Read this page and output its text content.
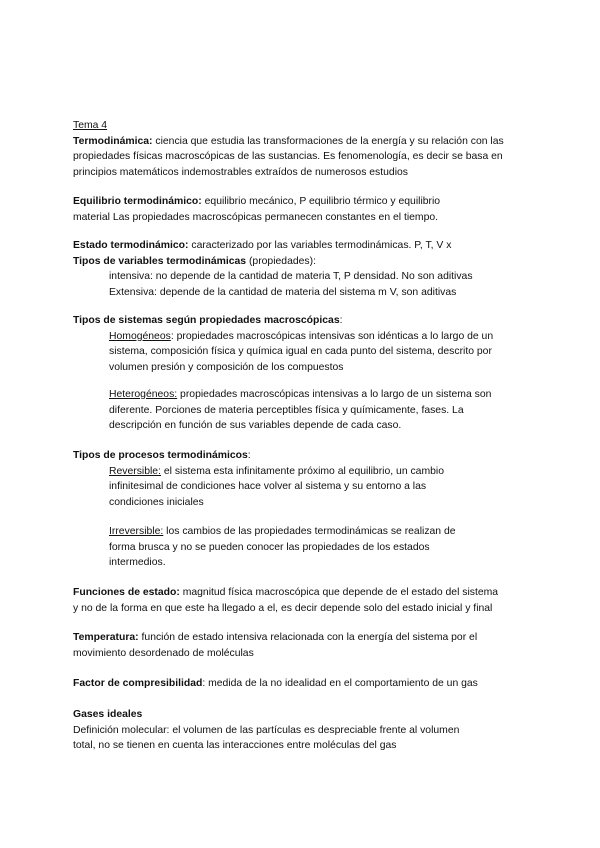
Tema 4

Termodinámica: ciencia que estudia las transformaciones de la energía y su relación con las

propiedades físicas macroscópicas de las sustancias. Es fenomenología, es decir se basa en

principios matemáticos indemostrables extraídos de numerosos estudios

Equilibrio termodinámico: equilibrio mecánico, P equilibrio térmico y equilibrio

material Las propiedades macroscópicas permanecen constantes en el tiempo.

Estado termodinámico: caracterizado por las variables termodinámicas. P, T, V x

Tipos de variables termodinámicas (propiedades):

intensiva: no depende de la cantidad de materia T, P densidad. No son aditivas

Extensiva: depende de la cantidad de materia del sistema m V, son aditivas

Tipos de sistemas según propiedades macroscópicas:

Homogéneos: propiedades macroscópicas intensivas son idénticas a lo largo de un

sistema, composición física y química igual en cada punto del sistema, descrito por

volumen presión y composición de los compuestos

Heterogéneos: propiedades macroscópicas intensivas a lo largo de un sistema son

diferente. Porciones de materia perceptibles física y químicamente, fases. La

descripción en función de sus variables depende de cada caso.

Tipos de procesos termodinámicos:

Reversible: el sistema esta infinitamente próximo al equilibrio, un cambio

infinitesimal de condiciones hace volver al sistema y su entorno a las

condiciones iniciales

Irreversible: los cambios de las propiedades termodinámicas se realizan de

forma brusca y no se pueden conocer las propiedades de los estados

intermedios.

Funciones de estado: magnitud física macroscópica que depende de el estado del sistema

y no de la forma en que este ha llegado a el, es decir depende solo del estado inicial y final

Temperatura: función de estado intensiva relacionada con la energía del sistema por el

movimiento desordenado de moléculas

Factor de compresibilidad: medida de la no idealidad en el comportamiento de un gas

Gases ideales

Definición molecular: el volumen de las partículas es despreciable frente al volumen

total, no se tienen en cuenta las interacciones entre moléculas del gas
